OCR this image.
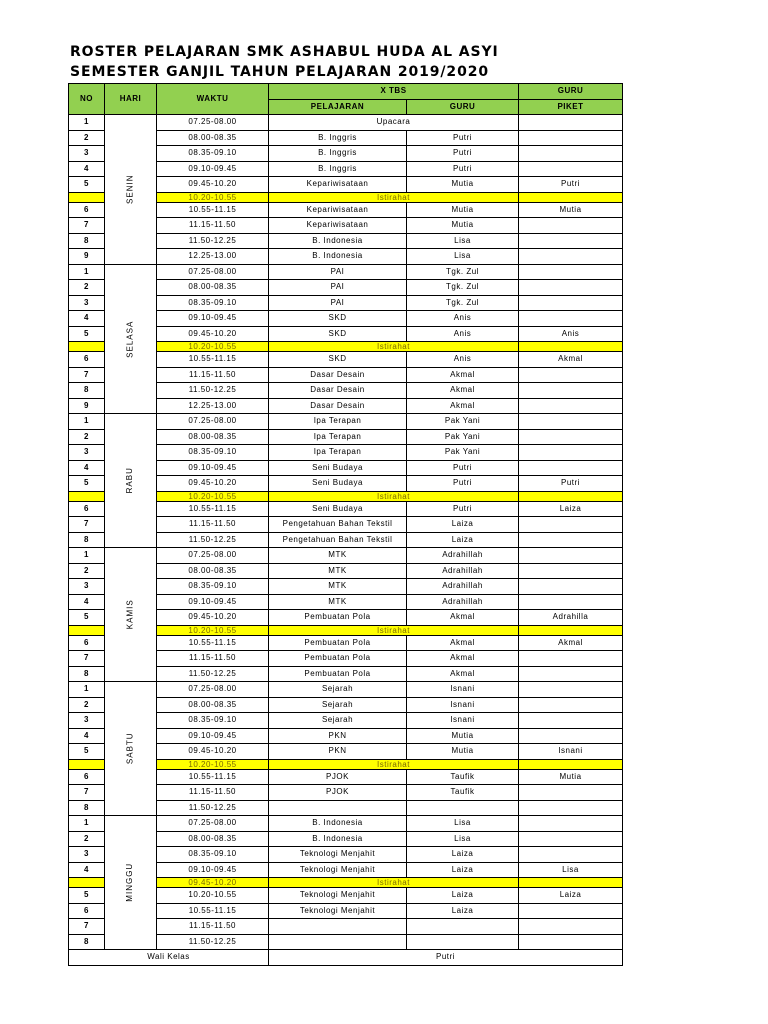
ROSTER PELAJARAN SMK ASHABUL HUDA AL ASYI
SEMESTER GANJIL TAHUN PELAJARAN 2019/2020
NO	HARI	WAKTU	X TBS		GURU
			PELAJARAN	GURU	PIKET
1	SENIN	07.25-08.00	Upacara		
2		08.00-08.35	B. Inggris	Putri	
3		08.35-09.10	B. Inggris	Putri	
4		09.10-09.45	B. Inggris	Putri	
5		09.45-10.20	Kepariwisataan	Mutia	Putri
		10.20-10.55	Istirahat		
6		10.55-11.15	Kepariwisataan	Mutia	Mutia
7		11.15-11.50	Kepariwisataan	Mutia	
8		11.50-12.25	B. Indonesia	Lisa	
9		12.25-13.00	B. Indonesia	Lisa	
1	SELASA	07.25-08.00	PAI	Tgk. Zul	
2		08.00-08.35	PAI	Tgk. Zul	
3		08.35-09.10	PAI	Tgk. Zul	
4		09.10-09.45	SKD	Anis	
5		09.45-10.20	SKD	Anis	Anis
		10.20-10.55	Istirahat		
6		10.55-11.15	SKD	Anis	Akmal
7		11.15-11.50	Dasar Desain	Akmal	
8		11.50-12.25	Dasar Desain	Akmal	
9		12.25-13.00	Dasar Desain	Akmal	
1	RABU	07.25-08.00	Ipa Terapan	Pak Yani	
2		08.00-08.35	Ipa Terapan	Pak Yani	
3		08.35-09.10	Ipa Terapan	Pak Yani	
4		09.10-09.45	Seni Budaya	Putri	
5		09.45-10.20	Seni Budaya	Putri	Putri
		10.20-10.55	Istirahat		
6		10.55-11.15	Seni Budaya	Putri	Laiza
7		11.15-11.50	Pengetahuan Bahan Tekstil	Laiza	
8		11.50-12.25	Pengetahuan Bahan Tekstil	Laiza	
1	KAMIS	07.25-08.00	MTK	Adrahillah	
2		08.00-08.35	MTK	Adrahillah	
3		08.35-09.10	MTK	Adrahillah	
4		09.10-09.45	MTK	Adrahillah	
5		09.45-10.20	Pembuatan Pola	Akmal	Adrahilla
		10.20-10.55	Istirahat		
6		10.55-11.15	Pembuatan Pola	Akmal	Akmal
7		11.15-11.50	Pembuatan Pola	Akmal	
8		11.50-12.25	Pembuatan Pola	Akmal	
1	SABTU	07.25-08.00	Sejarah	Isnani	
2		08.00-08.35	Sejarah	Isnani	
3		08.35-09.10	Sejarah	Isnani	
4		09.10-09.45	PKN	Mutia	
5		09.45-10.20	PKN	Mutia	Isnani
		10.20-10.55	Istirahat		
6		10.55-11.15	PJOK	Taufik	Mutia
7		11.15-11.50	PJOK	Taufik	
8		11.50-12.25			
1	MINGGU	07.25-08.00	B. Indonesia	Lisa	
2		08.00-08.35	B. Indonesia	Lisa	
3		08.35-09.10	Teknologi Menjahit	Laiza	
4		09.10-09.45	Teknologi Menjahit	Laiza	Lisa
		09.45-10.20	Istirahat		
5		10.20-10.55	Teknologi Menjahit	Laiza	Laiza
6		10.55-11.15	Teknologi Menjahit	Laiza	
7		11.15-11.50			
8		11.50-12.25			
Wali Kelas			Putri		
